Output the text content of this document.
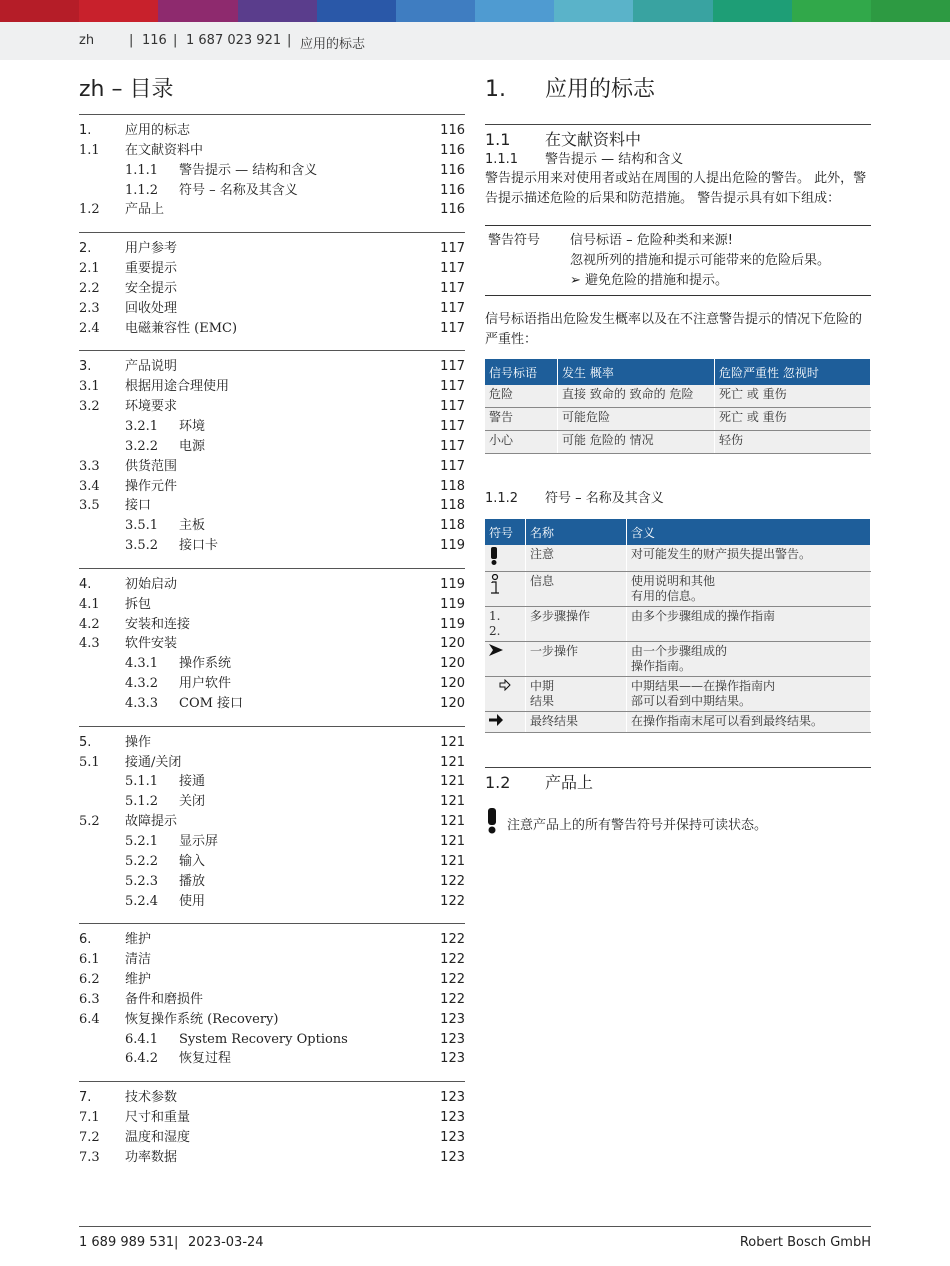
zh	| 116 | 1 687 023 921 | 应用的标志
zh – 目录
1.	应用的标志	116
1.1	在文献资料中	116
1.1.1	警告提示 — 结构和含义	116
1.1.2	符号 – 名称及其含义	116
1.2	产品上	116
2.	用户参考	117
2.1	重要提示	117
2.2	安全提示	117
2.3	回收处理	117
2.4	电磁兼容性 (EMC)	117
3.	产品说明	117
3.1	根据用途合理使用	117
3.2	环境要求	117
3.2.1	环境	117
3.2.2	电源	117
3.3	供货范围	117
3.4	操作元件	118
3.5	接口	118
3.5.1	主板	118
3.5.2	接口卡	119
4.	初始启动	119
4.1	拆包	119
4.2	安装和连接	119
4.3	软件安装	120
4.3.1	操作系统	120
4.3.2	用户软件	120
4.3.3	COM 接口	120
5.	操作	121
5.1	接通/关闭	121
5.1.1	接通	121
5.1.2	关闭	121
5.2	故障提示	121
5.2.1	显示屏	121
5.2.2	输入	121
5.2.3	播放	122
5.2.4	使用	122
6.	维护	122
6.1	清洁	122
6.2	维护	122
6.3	备件和磨损件	122
6.4	恢复操作系统 (Recovery)	123
6.4.1	System Recovery Options	123
6.4.2	恢复过程	123
7.	技术参数	123
7.1	尺寸和重量	123
7.2	温度和湿度	123
7.3	功率数据	123
1.	应用的标志
1.1	在文献资料中
1.1.1	警告提示 — 结构和含义
警告提示用来对使用者或站在周围的人提出危险的警告。 此外，警告提示描述危险的后果和防范措施。 警告提示具有如下组成：
警告符号	信号标语 – 危险种类和来源!
忽视所列的措施和提示可能带来的危险后果。
➢ 避免危险的措施和提示。
信号标语指出危险发生概率以及在不注意警告提示的情况下危险的严重性：
信号标语	发生 概率	危险严重性 忽视时
危险	直接 致命的 致命的 危险	死亡 或 重伤
警告	可能危险	死亡 或 重伤
小心	可能 危险的 情况	轻伤
1.1.2	符号 – 名称及其含义
符号	名称	含义
	注意	对可能发生的财产损失提出警告。
	信息	使用说明和其他
有用的信息。
1.
2.	多步骤操作	由多个步骤组成的操作指南
	一步操作	由一个步骤组成的
操作指南。
	中期
结果	中期结果——在操作指南内
部可以看到中期结果。
	最终结果	在操作指南末尾可以看到最终结果。
1.2	产品上
注意产品上的所有警告符号并保持可读状态。
1 689 989 531 | 2023-03-24	Robert Bosch GmbH
